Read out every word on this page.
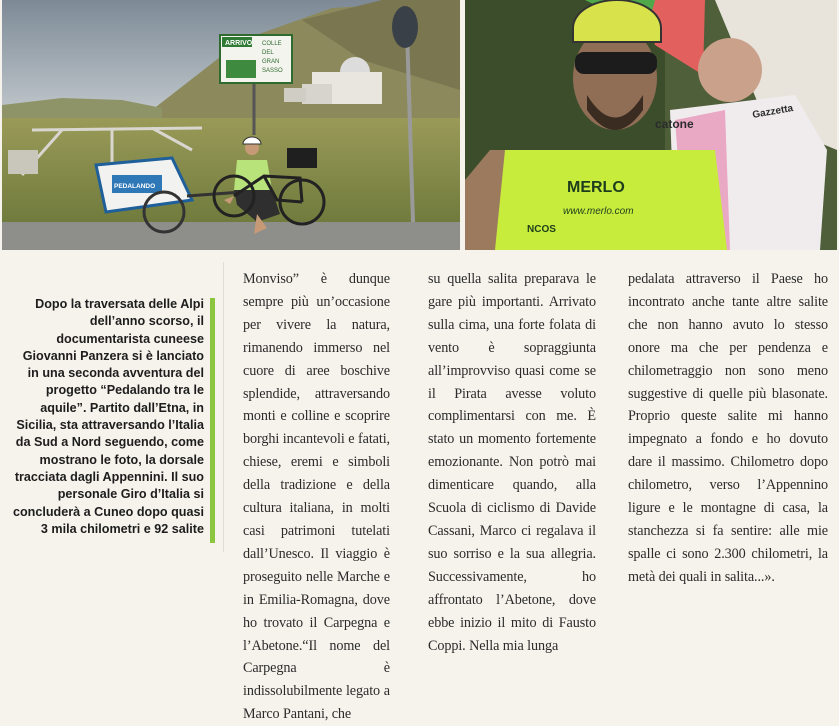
ARRIVO COLLE
DEL
GRAN
SASSO
PEDALANDO
Gazzetta
catone
MERLO
www.merlo.com
NCOS
Dopo la traversata delle Alpi dell’anno scorso, il documentarista cuneese Giovanni Panzera si è lanciato in una seconda avventura del progetto “Pedalando tra le aquile”. Partito dall’Etna, in Sicilia, sta attraversando l’Italia da Sud a Nord seguendo, come mostrano le foto, la dorsale tracciata dagli Appennini. Il suo personale Giro d’Italia si concluderà a Cuneo dopo quasi 3 mila chilometri e 92 salite

Monviso” è dunque sempre più un’occasione per vivere la natura, rimanendo immerso nel cuore di aree boschive splendide, attraversando monti e colline e scoprire borghi incantevoli e fatati, chiese, eremi e simboli della tradizione e della cultura italiana, in molti casi patrimoni tutelati dall’Unesco. Il viaggio è proseguito nelle Marche e in Emilia-Romagna, dove ho trovato il Carpegna e l’Abetone.“Il nome del Carpegna è indissolubilmente legato a Marco Pantani, che

su quella salita preparava le gare più importanti. Arrivato sulla cima, una forte folata di vento è sopraggiunta all’improvviso quasi come se il Pirata avesse voluto complimentarsi con me. È stato un momento fortemente emozionante. Non potrò mai dimenticare quando, alla Scuola di ciclismo di Davide Cassani, Marco ci regalava il suo sorriso e la sua allegria. Successivamente, ho affrontato l’Abetone, dove ebbe inizio il mito di Fausto Coppi. Nella mia lunga

pedalata attraverso il Paese ho incontrato anche tante altre salite che non hanno avuto lo stesso onore ma che per pendenza e chilometraggio non sono meno suggestive di quelle più blasonate. Proprio queste salite mi hanno impegnato a fondo e ho dovuto dare il massimo. Chilometro dopo chilometro, verso l’Appennino ligure e le montagne di casa, la stanchezza si fa sentire: alle mie spalle ci sono 2.300 chilometri, la metà dei quali in salita...».
